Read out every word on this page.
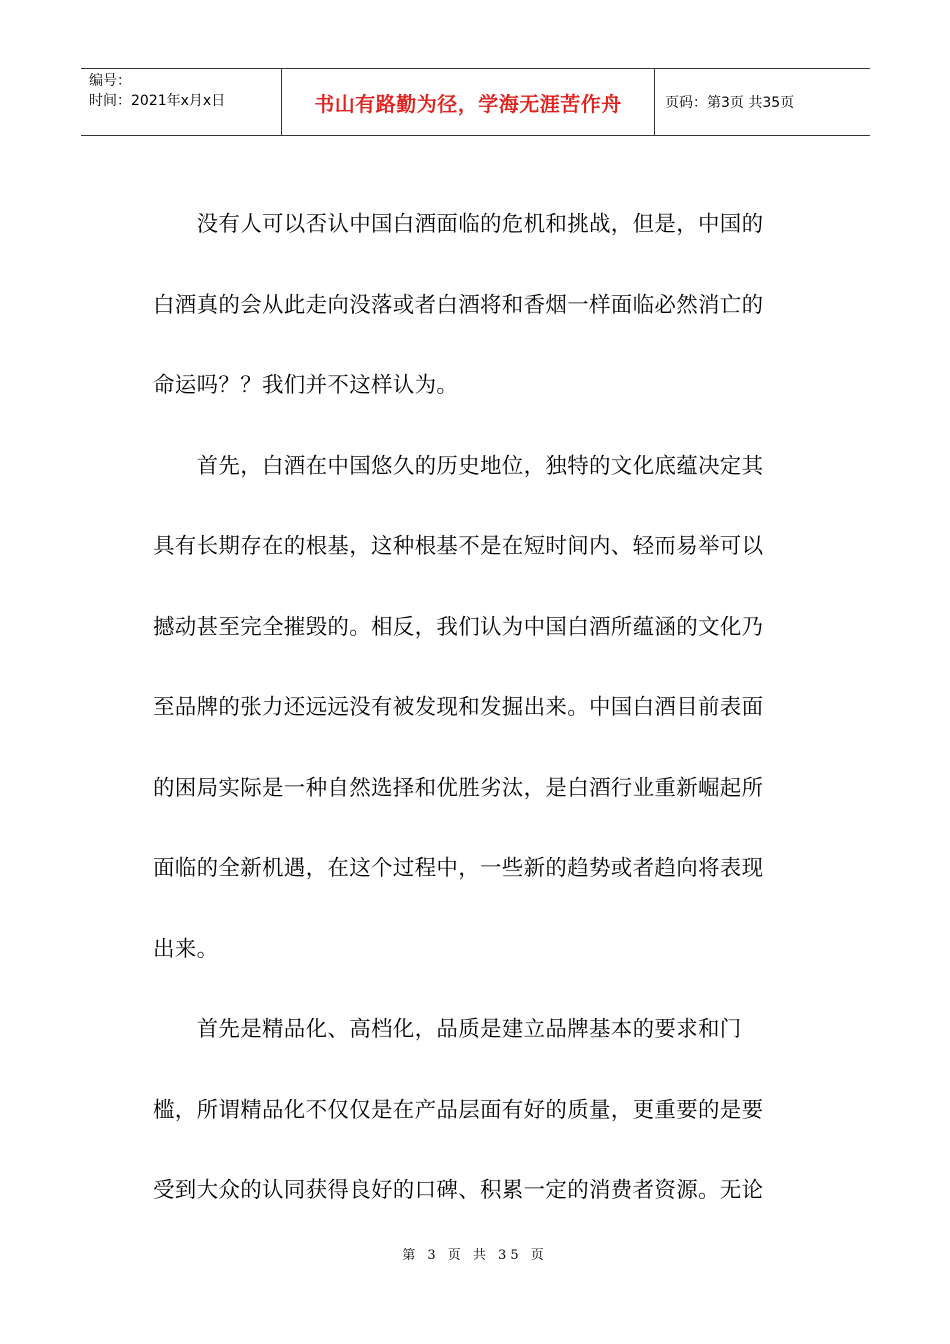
编号：
时间：2021年x月x日	书山有路勤为径，学海无涯苦作舟	页码：第3页 共35页

　　没有人可以否认中国白酒面临的危机和挑战，但是，中国的

白酒真的会从此走向没落或者白酒将和香烟一样面临必然消亡的

命运吗？？我们并不这样认为。

　　首先，白酒在中国悠久的历史地位，独特的文化底蕴决定其

具有长期存在的根基，这种根基不是在短时间内、轻而易举可以

撼动甚至完全摧毁的。相反，我们认为中国白酒所蕴涵的文化乃

至品牌的张力还远远没有被发现和发掘出来。中国白酒目前表面

的困局实际是一种自然选择和优胜劣汰，是白酒行业重新崛起所

面临的全新机遇，在这个过程中，一些新的趋势或者趋向将表现

出来。

　　首先是精品化、高档化，品质是建立品牌基本的要求和门

槛，所谓精品化不仅仅是在产品层面有好的质量，更重要的是要

受到大众的认同获得良好的口碑、积累一定的消费者资源。无论

第 3 页 共 35 页
